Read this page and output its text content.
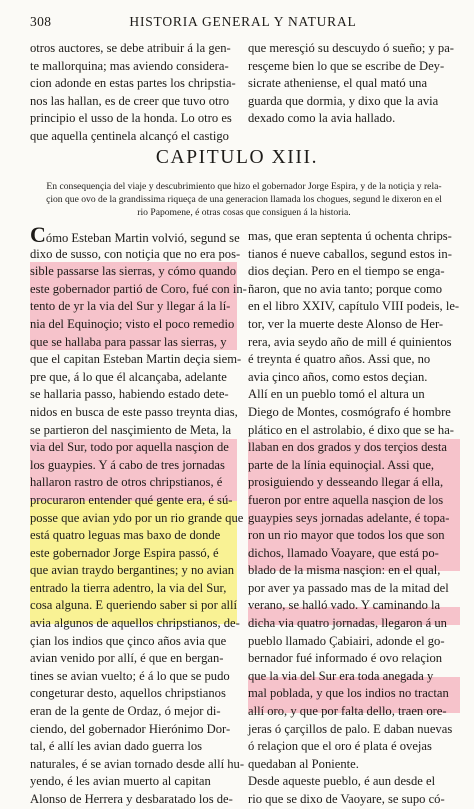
308	HISTORIA GENERAL Y NATURAL
otros auctores, se debe atribuir á la gen-
te mallorquina; mas aviendo considera-
cion adonde en estas partes los chripstia-
nos las hallan, es de creer que tuvo otro
principio el usso de la honda. Lo otro es
que aquella çentinela alcançó el castigo
que meresçió su descuydo ó sueño; y pa-
resçeme bien lo que se escribe de Dey-
sicrate atheniense, el qual mató una
guarda que dormia, y dixo que la avia
dexado como la avia hallado.
CAPITULO XIII.
En consequençia del viaje y descubrimiento que hizo el gobernador Jorge Espira, y de la notiçia y rela-
çion que ovo de la grandissima riqueça de una generacion llamada los chogues, segund le dixeron en el
rio Papomene, é otras cosas que consiguen á la historia.
Cómo Esteban Martin volvió, segund se
dixo de susso, con notiçia que no era pos-
sible passarse las sierras, y cómo quando
este gobernador partió de Coro, fué con in-
tento de yr la via del Sur y llegar á la lí-
nia del Equinoçio; visto el poco remedio
que se hallaba para passar las sierras, y
que el capitan Esteban Martin deçia siem-
pre que, á lo que él alcançaba, adelante
se hallaria passo, habiendo estado dete-
nidos en busca de este passo treynta dias,
se partieron del nasçimiento de Meta, la
via del Sur, todo por aquella nasçion de
los guaypies. Y á cabo de tres jornadas
hallaron rastro de otros chripstianos, é
procuraron entender qué gente era, é sú-
posse que avian ydo por un rio grande que
está quatro leguas mas baxo de donde
este gobernador Jorge Espira passó, é
que avian traydo bergantines; y no avian
entrado la tierra adentro, la via del Sur,
cosa alguna. E queriendo saber si por allí
avia algunos de aquellos chripstianos, de-
çian los indios que çinco años avia que
avian venido por allí, é que en bergan-
tines se avian vuelto; é á lo que se pudo
congeturar desto, aquellos chripstianos
eran de la gente de Ordaz, ó mejor di-
ciendo, del gobernador Hierónimo Dor-
tal, é allí les avian dado guerra los
naturales, é se avian tornado desde allí hu-
yendo, é les avian muerto al capitan
Alonso de Herrera y desbaratado los de-
mas, que eran septenta ú ochenta chrips-
tianos é nueve caballos, segund estos in-
dios deçian. Pero en el tiempo se enga-
ñaron, que no avia tanto; porque como
en el libro XXIV, capítulo VIII podeis, le-
tor, ver la muerte deste Alonso de Her-
rera, avia seydo año de mill é quinientos
é treynta é quatro años. Assi que, no
avia çinco años, como estos deçian.
Allí en un pueblo tomó el altura un
Diego de Montes, cosmógrafo é hombre
plático en el astrolabio, é dixo que se ha-
llaban en dos grados y dos terçios desta
parte de la línia equinoçial. Assi que,
prosiguiendo y desseando llegar á ella,
fueron por entre aquella nasçion de los
guaypies seys jornadas adelante, é topa-
ron un rio mayor que todos los que son
dichos, llamado Voayare, que está po-
blado de la misma nasçion: en el qual,
por aver ya passado mas de la mitad del
verano, se halló vado. Y caminando la
dicha via quatro jornadas, llegaron á un
pueblo llamado Çabiairi, adonde el go-
bernador fué informado é ovo relaçion
que la via del Sur era toda anegada y
mal poblada, y que los indios no tractan
allí oro, y que por falta dello, traen ore-
jeras ó çarçillos de palo. E daban nuevas
ó relaçion que el oro é plata é ovejas
quedaban al Poniente.
Desde aqueste pueblo, é aun desde el
rio que se dixo de Vaoyare, se supo có-
